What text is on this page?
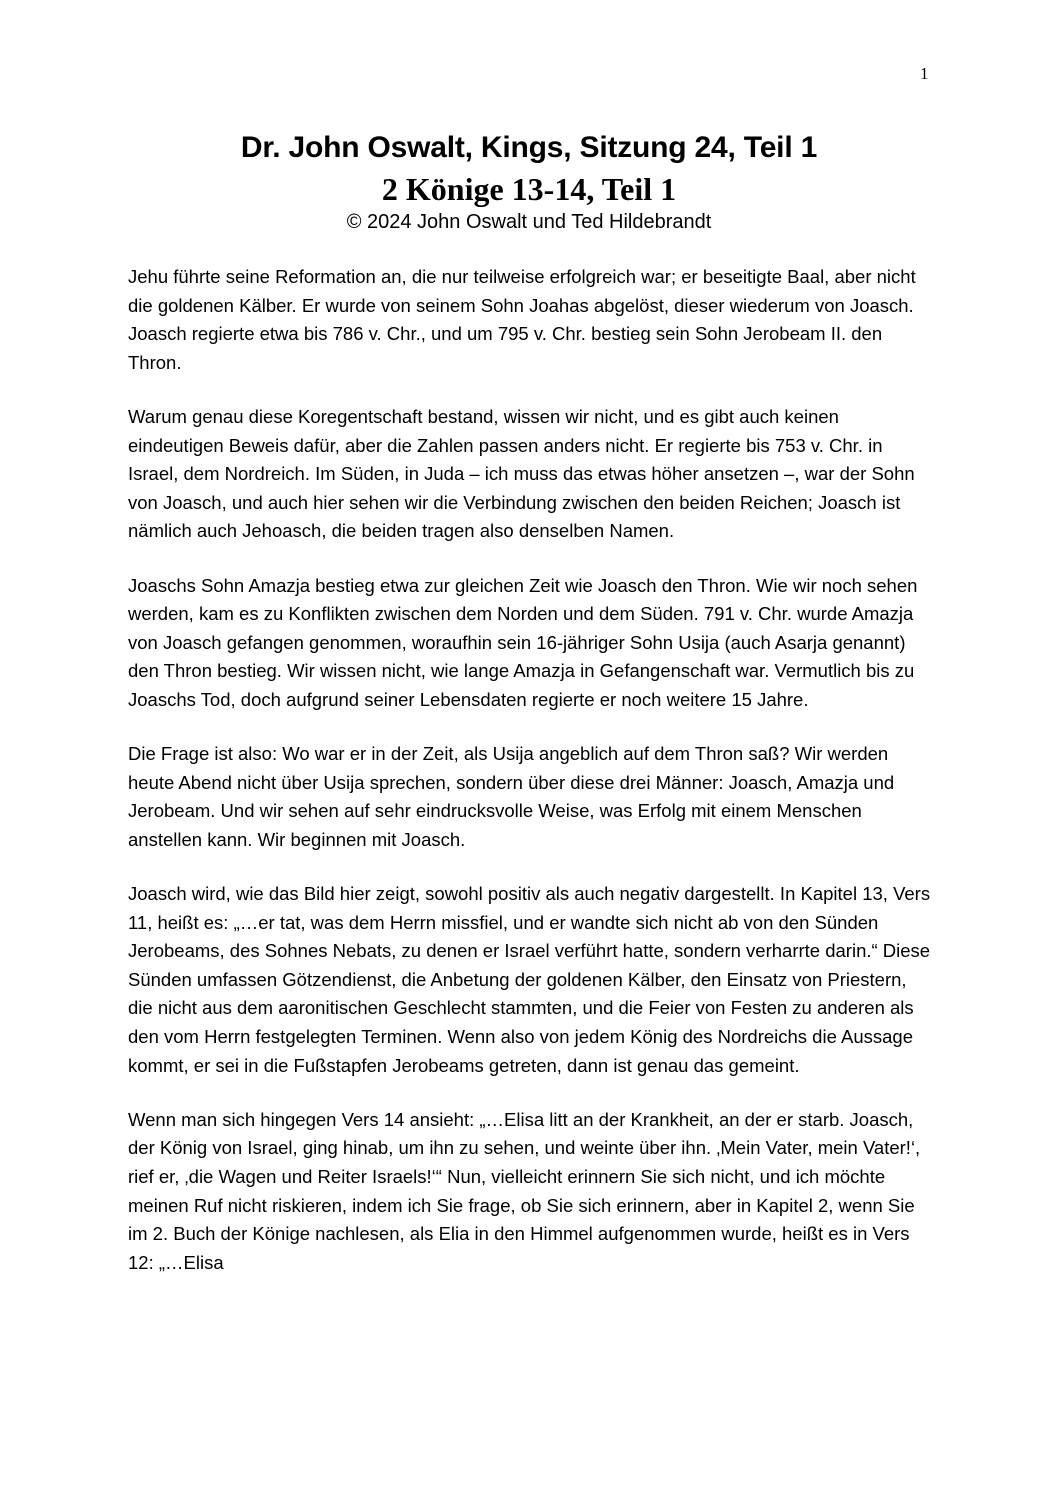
1
Dr. John Oswalt, Kings, Sitzung 24, Teil 1
2 Könige 13-14, Teil 1
© 2024 John Oswalt und Ted Hildebrandt

Jehu führte seine Reformation an, die nur teilweise erfolgreich war; er beseitigte Baal, aber nicht die goldenen Kälber. Er wurde von seinem Sohn Joahas abgelöst, dieser wiederum von Joasch. Joasch regierte etwa bis 786 v. Chr., und um 795 v. Chr. bestieg sein Sohn Jerobeam II. den Thron.

Warum genau diese Koregentschaft bestand, wissen wir nicht, und es gibt auch keinen eindeutigen Beweis dafür, aber die Zahlen passen anders nicht. Er regierte bis 753 v. Chr. in Israel, dem Nordreich. Im Süden, in Juda – ich muss das etwas höher ansetzen –, war der Sohn von Joasch, und auch hier sehen wir die Verbindung zwischen den beiden Reichen; Joasch ist nämlich auch Jehoasch, die beiden tragen also denselben Namen.

Joaschs Sohn Amazja bestieg etwa zur gleichen Zeit wie Joasch den Thron. Wie wir noch sehen werden, kam es zu Konflikten zwischen dem Norden und dem Süden. 791 v. Chr. wurde Amazja von Joasch gefangen genommen, woraufhin sein 16-jähriger Sohn Usija (auch Asarja genannt) den Thron bestieg. Wir wissen nicht, wie lange Amazja in Gefangenschaft war. Vermutlich bis zu Joaschs Tod, doch aufgrund seiner Lebensdaten regierte er noch weitere 15 Jahre.

Die Frage ist also: Wo war er in der Zeit, als Usija angeblich auf dem Thron saß? Wir werden heute Abend nicht über Usija sprechen, sondern über diese drei Männer: Joasch, Amazja und Jerobeam. Und wir sehen auf sehr eindrucksvolle Weise, was Erfolg mit einem Menschen anstellen kann. Wir beginnen mit Joasch.

Joasch wird, wie das Bild hier zeigt, sowohl positiv als auch negativ dargestellt. In Kapitel 13, Vers 11, heißt es: „…er tat, was dem Herrn missfiel, und er wandte sich nicht ab von den Sünden Jerobeams, des Sohnes Nebats, zu denen er Israel verführt hatte, sondern verharrte darin.“ Diese Sünden umfassen Götzendienst, die Anbetung der goldenen Kälber, den Einsatz von Priestern, die nicht aus dem aaronitischen Geschlecht stammten, und die Feier von Festen zu anderen als den vom Herrn festgelegten Terminen. Wenn also von jedem König des Nordreichs die Aussage kommt, er sei in die Fußstapfen Jerobeams getreten, dann ist genau das gemeint.

Wenn man sich hingegen Vers 14 ansieht: „…Elisa litt an der Krankheit, an der er starb. Joasch, der König von Israel, ging hinab, um ihn zu sehen, und weinte über ihn. ‚Mein Vater, mein Vater!‘, rief er, ‚die Wagen und Reiter Israels!‘“ Nun, vielleicht erinnern Sie sich nicht, und ich möchte meinen Ruf nicht riskieren, indem ich Sie frage, ob Sie sich erinnern, aber in Kapitel 2, wenn Sie im 2. Buch der Könige nachlesen, als Elia in den Himmel aufgenommen wurde, heißt es in Vers 12: „…Elisa
